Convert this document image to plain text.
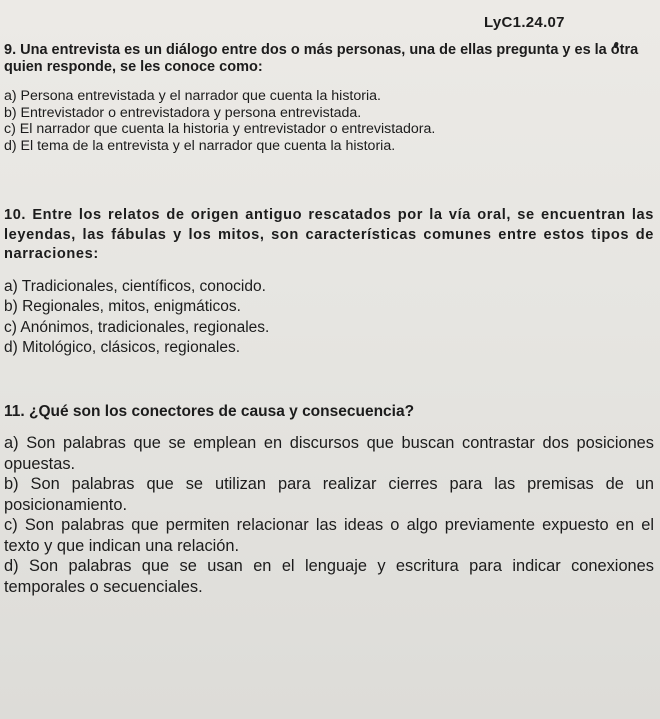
LyC1.24.07
9. Una entrevista es un diálogo entre dos o más personas, una de ellas pregunta y es la otra quien responde, se les conoce como:
a) Persona entrevistada y el narrador que cuenta la historia.
b) Entrevistador o entrevistadora y persona entrevistada.
c) El narrador que cuenta la historia y entrevistador o entrevistadora.
d) El tema de la entrevista y el narrador que cuenta la historia.
10. Entre los relatos de origen antiguo rescatados por la vía oral, se encuentran las leyendas, las fábulas y los mitos, son características comunes entre estos tipos de narraciones:
a) Tradicionales, científicos, conocido.
b) Regionales, mitos, enigmáticos.
c) Anónimos, tradicionales, regionales.
d) Mitológico, clásicos, regionales.
11. ¿Qué son los conectores de causa y consecuencia?
a) Son palabras que se emplean en discursos que buscan contrastar dos posiciones opuestas.
b) Son palabras que se utilizan para realizar cierres para las premisas de un posicionamiento.
c) Son palabras que permiten relacionar las ideas o algo previamente expuesto en el texto y que indican una relación.
d) Son palabras que se usan en el lenguaje y escritura para indicar conexiones temporales o secuenciales.
